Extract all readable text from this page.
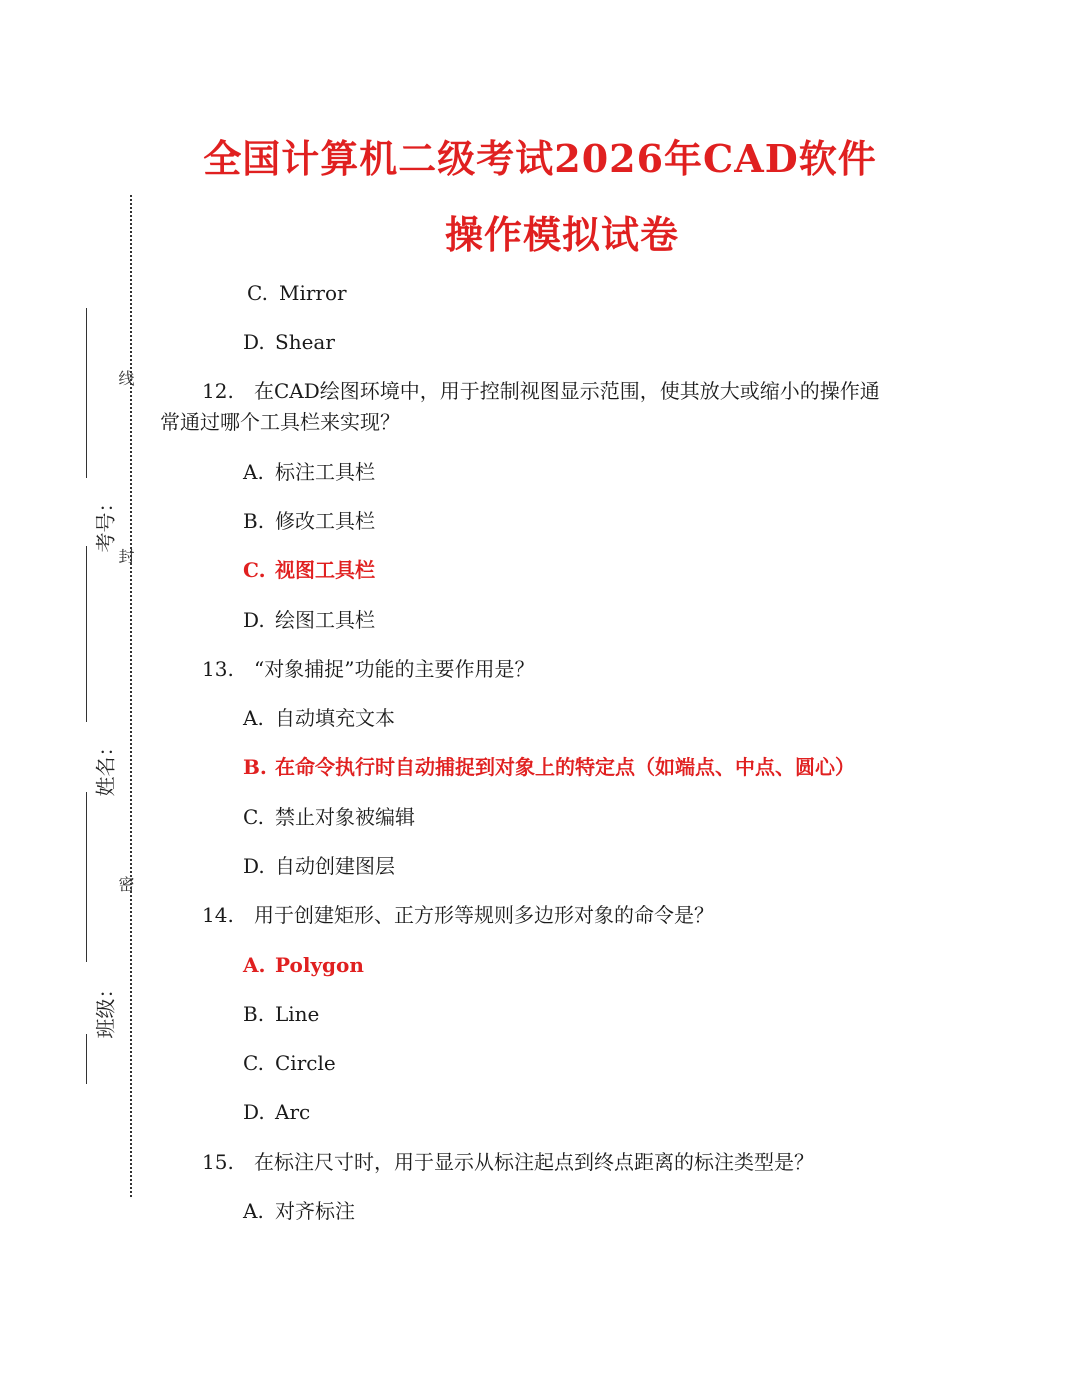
线
封
密
考号：
姓名：
班级：
全国计算机二级考试2026年CAD软件
操作模拟试卷
C. Mirror
D. Shear
12. 在CAD绘图环境中，用于控制视图显示范围，使其放大或缩小的操作通
常通过哪个工具栏来实现？
A. 标注工具栏
B. 修改工具栏
C. 视图工具栏
D. 绘图工具栏
13. “对象捕捉”功能的主要作用是？
A. 自动填充文本
B. 在命令执行时自动捕捉到对象上的特定点（如端点、中点、圆心）
C. 禁止对象被编辑
D. 自动创建图层
14. 用于创建矩形、正方形等规则多边形对象的命令是？
A. Polygon
B. Line
C. Circle
D. Arc
15. 在标注尺寸时，用于显示从标注起点到终点距离的标注类型是？
A. 对齐标注
